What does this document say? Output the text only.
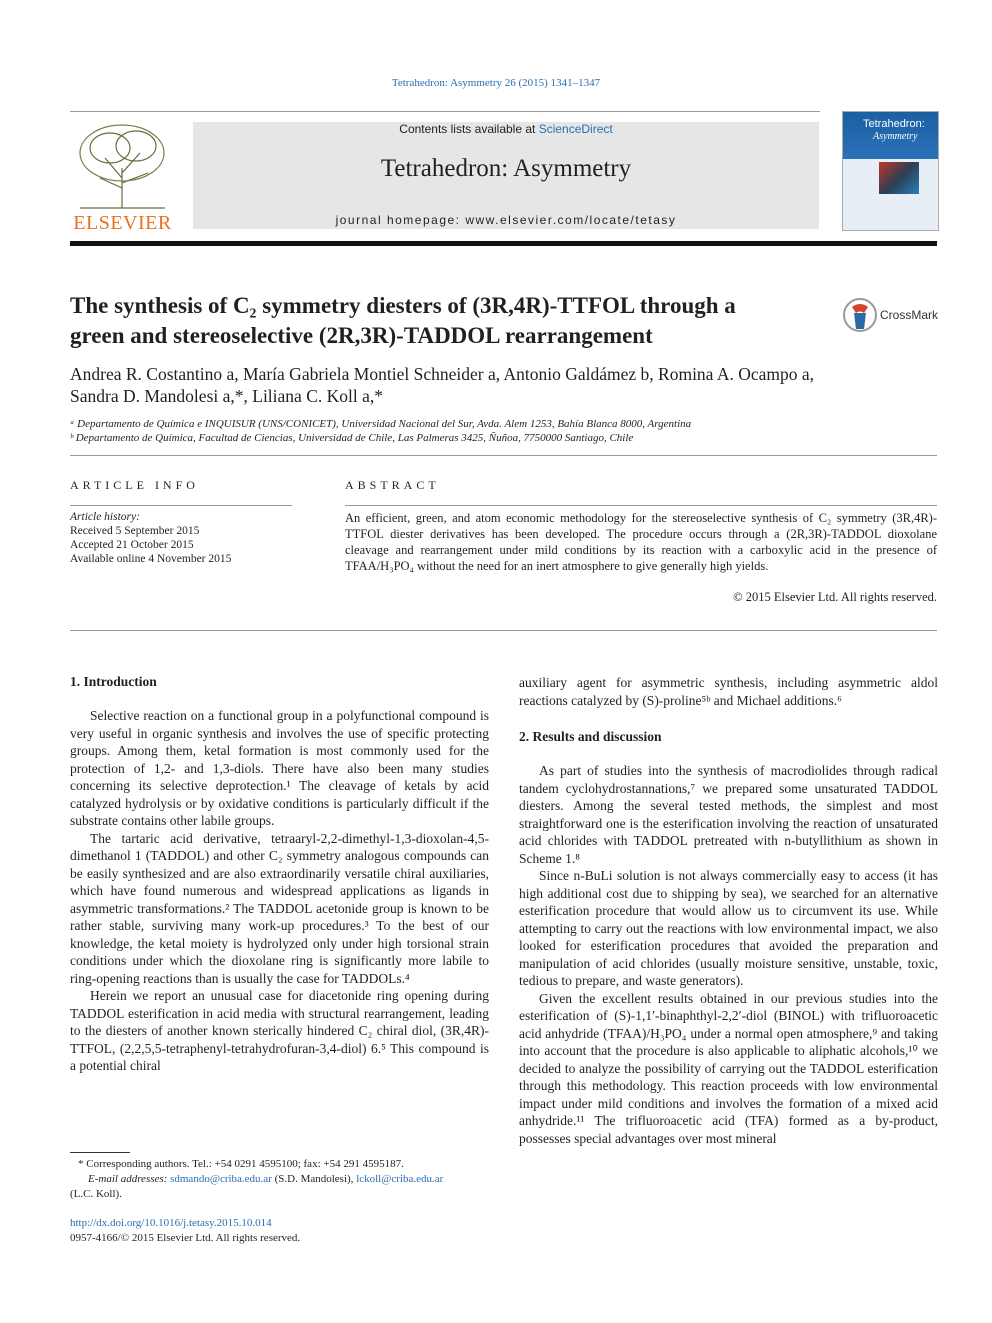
Tetrahedron: Asymmetry 26 (2015) 1341–1347
ELSEVIER
Contents lists available at ScienceDirect
Tetrahedron: Asymmetry
journal homepage: www.elsevier.com/locate/tetasy
Tetrahedron:
Asymmetry
The synthesis of C₂ symmetry diesters of (3R,4R)-TTFOL through a
green and stereoselective (2R,3R)-TADDOL rearrangement
CrossMark
Andrea R. Costantino a, María Gabriela Montiel Schneider a, Antonio Galdámez b, Romina A. Ocampo a,
Sandra D. Mandolesi a,*, Liliana C. Koll a,*
ᵃ Departamento de Química e INQUISUR (UNS/CONICET), Universidad Nacional del Sur, Avda. Alem 1253, Bahía Blanca 8000, Argentina
ᵇ Departamento de Química, Facultad de Ciencias, Universidad de Chile, Las Palmeras 3425, Ñuñoa, 7750000 Santiago, Chile
ARTICLE INFO
Article history:
Received 5 September 2015
Accepted 21 October 2015
Available online 4 November 2015
ABSTRACT
An efficient, green, and atom economic methodology for the stereoselective synthesis of C₂ symmetry (3R,4R)-TTFOL diester derivatives has been developed. The procedure occurs through a (2R,3R)-TADDOL dioxolane cleavage and rearrangement under mild conditions by its reaction with a carboxylic acid in the presence of TFAA/H₃PO₄ without the need for an inert atmosphere to give generally high yields.
© 2015 Elsevier Ltd. All rights reserved.
1. Introduction

Selective reaction on a functional group in a polyfunctional compound is very useful in organic synthesis and involves the use of specific protecting groups. Among them, ketal formation is most commonly used for the protection of 1,2- and 1,3-diols. There have also been many studies concerning its selective deprotection.¹ The cleavage of ketals by acid catalyzed hydrolysis or by oxidative conditions is particularly difficult if the substrate contains other labile groups.

The tartaric acid derivative, tetraaryl-2,2-dimethyl-1,3-dioxolan-4,5-dimethanol 1 (TADDOL) and other C₂ symmetry analogous compounds can be easily synthesized and are also extraordinarily versatile chiral auxiliaries, which have found numerous and widespread applications as ligands in asymmetric transformations.² The TADDOL acetonide group is known to be rather stable, surviving many work-up procedures.³ To the best of our knowledge, the ketal moiety is hydrolyzed only under high torsional strain conditions under which the dioxolane ring is significantly more labile to ring-opening reactions than is usually the case for TADDOLs.⁴

Herein we report an unusual case for diacetonide ring opening during TADDOL esterification in acid media with structural rearrangement, leading to the diesters of another known sterically hindered C₂ chiral diol, (3R,4R)-TTFOL, (2,2,5,5-tetraphenyl-tetrahydrofuran-3,4-diol) 6.⁵ This compound is a potential chiral

* Corresponding authors. Tel.: +54 0291 4595100; fax: +54 291 4595187.
E-mail addresses: sdmando@criba.edu.ar (S.D. Mandolesi), lckoll@criba.edu.ar
(L.C. Koll).
http://dx.doi.org/10.1016/j.tetasy.2015.10.014
0957-4166/© 2015 Elsevier Ltd. All rights reserved.
auxiliary agent for asymmetric synthesis, including asymmetric aldol reactions catalyzed by (S)-proline⁵ᵇ and Michael additions.⁶
2. Results and discussion

As part of studies into the synthesis of macrodiolides through radical tandem cyclohydrostannations,⁷ we prepared some unsaturated TADDOL diesters. Among the several tested methods, the simplest and most straightforward one is the esterification involving the reaction of unsaturated acid chlorides with TADDOL pretreated with n-butyllithium as shown in Scheme 1.⁸

Since n-BuLi solution is not always commercially easy to access (it has high additional cost due to shipping by sea), we searched for an alternative esterification procedure that would allow us to circumvent its use. While attempting to carry out the reactions with low environmental impact, we also looked for esterification procedures that avoided the preparation and manipulation of acid chlorides (usually moisture sensitive, unstable, toxic, tedious to prepare, and waste generators).

Given the excellent results obtained in our previous studies into the esterification of (S)-1,1′-binaphthyl-2,2′-diol (BINOL) with trifluoroacetic acid anhydride (TFAA)/H₃PO₄ under a normal open atmosphere,⁹ and taking into account that the procedure is also applicable to aliphatic alcohols,¹⁰ we decided to analyze the possibility of carrying out the TADDOL esterification through this methodology. This reaction proceeds with low environmental impact under mild conditions and involves the formation of a mixed acid anhydride.¹¹ The trifluoroacetic acid (TFA) formed as a by-product, possesses special advantages over most mineral
